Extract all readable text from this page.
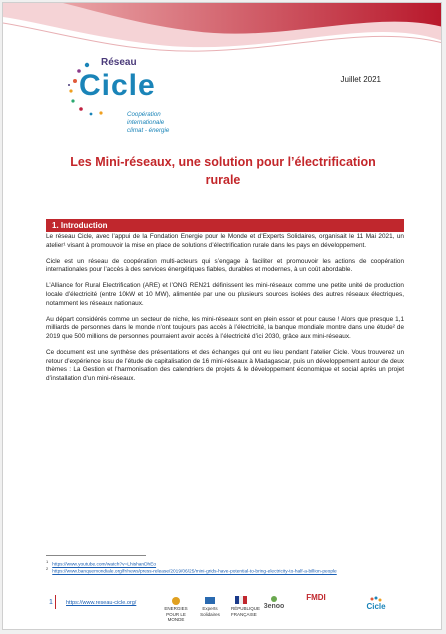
Réseau
Cicle
Coopération
internationale
climat - énergie
Juillet 2021
Les Mini-réseaux, une solution pour l’électrification
rurale
1. Introduction

Le réseau Cicle, avec l’appui de la Fondation Energie pour le Monde et d’Experts Solidaires, organisait le 11 Mai 2021, un atelier¹ visant à promouvoir la mise en place de solutions d’électrification rurale dans les pays en développement.

Cicle est un réseau de coopération multi-acteurs qui s’engage à faciliter et promouvoir les actions de coopération internationales pour l’accès à des services énergétiques fiables, durables et modernes, à un coût abordable.

L’Alliance for Rural Electrification (ARE) et l’ONG REN21 définissent les mini-réseaux comme une petite unité de production locale d’électricité (entre 10kW et 10 MW), alimentée par une ou plusieurs sources isolées des autres réseaux électriques, notamment les réseaux nationaux.

Au départ considérés comme un secteur de niche, les mini-réseaux sont en plein essor et pour cause ! Alors que presque 1,1 milliards de personnes dans le monde n’ont toujours pas accès à l’électricité, la banque mondiale montre dans une étude² de 2019 que 500 millions de personnes pourraient avoir accès à l’électricité d’ici 2030, grâce aux mini-réseaux.

Ce document est une synthèse des présentations et des échanges qui ont eu lieu pendant l’atelier Cicle. Vous trouverez un retour d’expérience issu de l’étude de capitalisation de 16 mini-réseaux à Madagascar, puis un développement autour de deux thèmes : La Gestion et l’harmonisation des calendriers de projets & le développement économique et social après un projet d’installation d’un mini-réseaux.

$^1$   https://www.youtube.com/watch?v=LhishanDhEo
$^2$   https://www.banquemondiale.org/fr/news/press-release/2019/06/25/mini-grids-have-potential-to-bring-electricity-to-half-a-billion-people
1 https://www.reseau-cicle.org/
ENERGIES POUR LE MONDE
Experts Solidaires
RÉPUBLIQUE FRANÇAISE
3enoo
FMDI
Cicle
